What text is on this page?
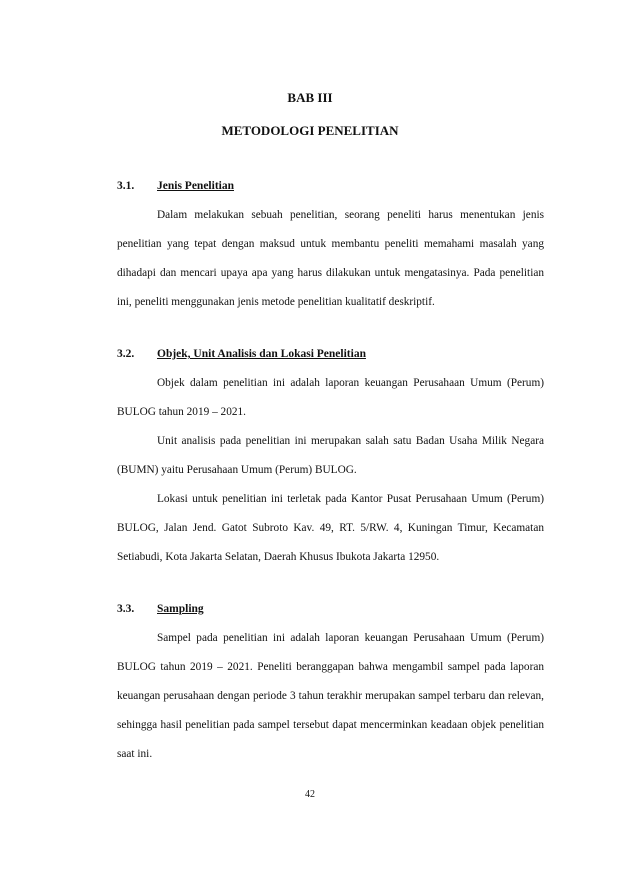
BAB III

METODOLOGI PENELITIAN

3.1. Jenis Penelitian

Dalam melakukan sebuah penelitian, seorang peneliti harus menentukan jenis penelitian yang tepat dengan maksud untuk membantu peneliti memahami masalah yang dihadapi dan mencari upaya apa yang harus dilakukan untuk mengatasinya. Pada penelitian ini, peneliti menggunakan jenis metode penelitian kualitatif deskriptif.

3.2. Objek, Unit Analisis dan Lokasi Penelitian

Objek dalam penelitian ini adalah laporan keuangan Perusahaan Umum (Perum) BULOG tahun 2019 – 2021.

Unit analisis pada penelitian ini merupakan salah satu Badan Usaha Milik Negara (BUMN) yaitu Perusahaan Umum (Perum) BULOG.

Lokasi untuk penelitian ini terletak pada Kantor Pusat Perusahaan Umum (Perum) BULOG, Jalan Jend. Gatot Subroto Kav. 49, RT. 5/RW. 4, Kuningan Timur, Kecamatan Setiabudi, Kota Jakarta Selatan, Daerah Khusus Ibukota Jakarta 12950.

3.3. Sampling

Sampel pada penelitian ini adalah laporan keuangan Perusahaan Umum (Perum) BULOG tahun 2019 – 2021. Peneliti beranggapan bahwa mengambil sampel pada laporan keuangan perusahaan dengan periode 3 tahun terakhir merupakan sampel terbaru dan relevan, sehingga hasil penelitian pada sampel tersebut dapat mencerminkan keadaan objek penelitian saat ini.

42
